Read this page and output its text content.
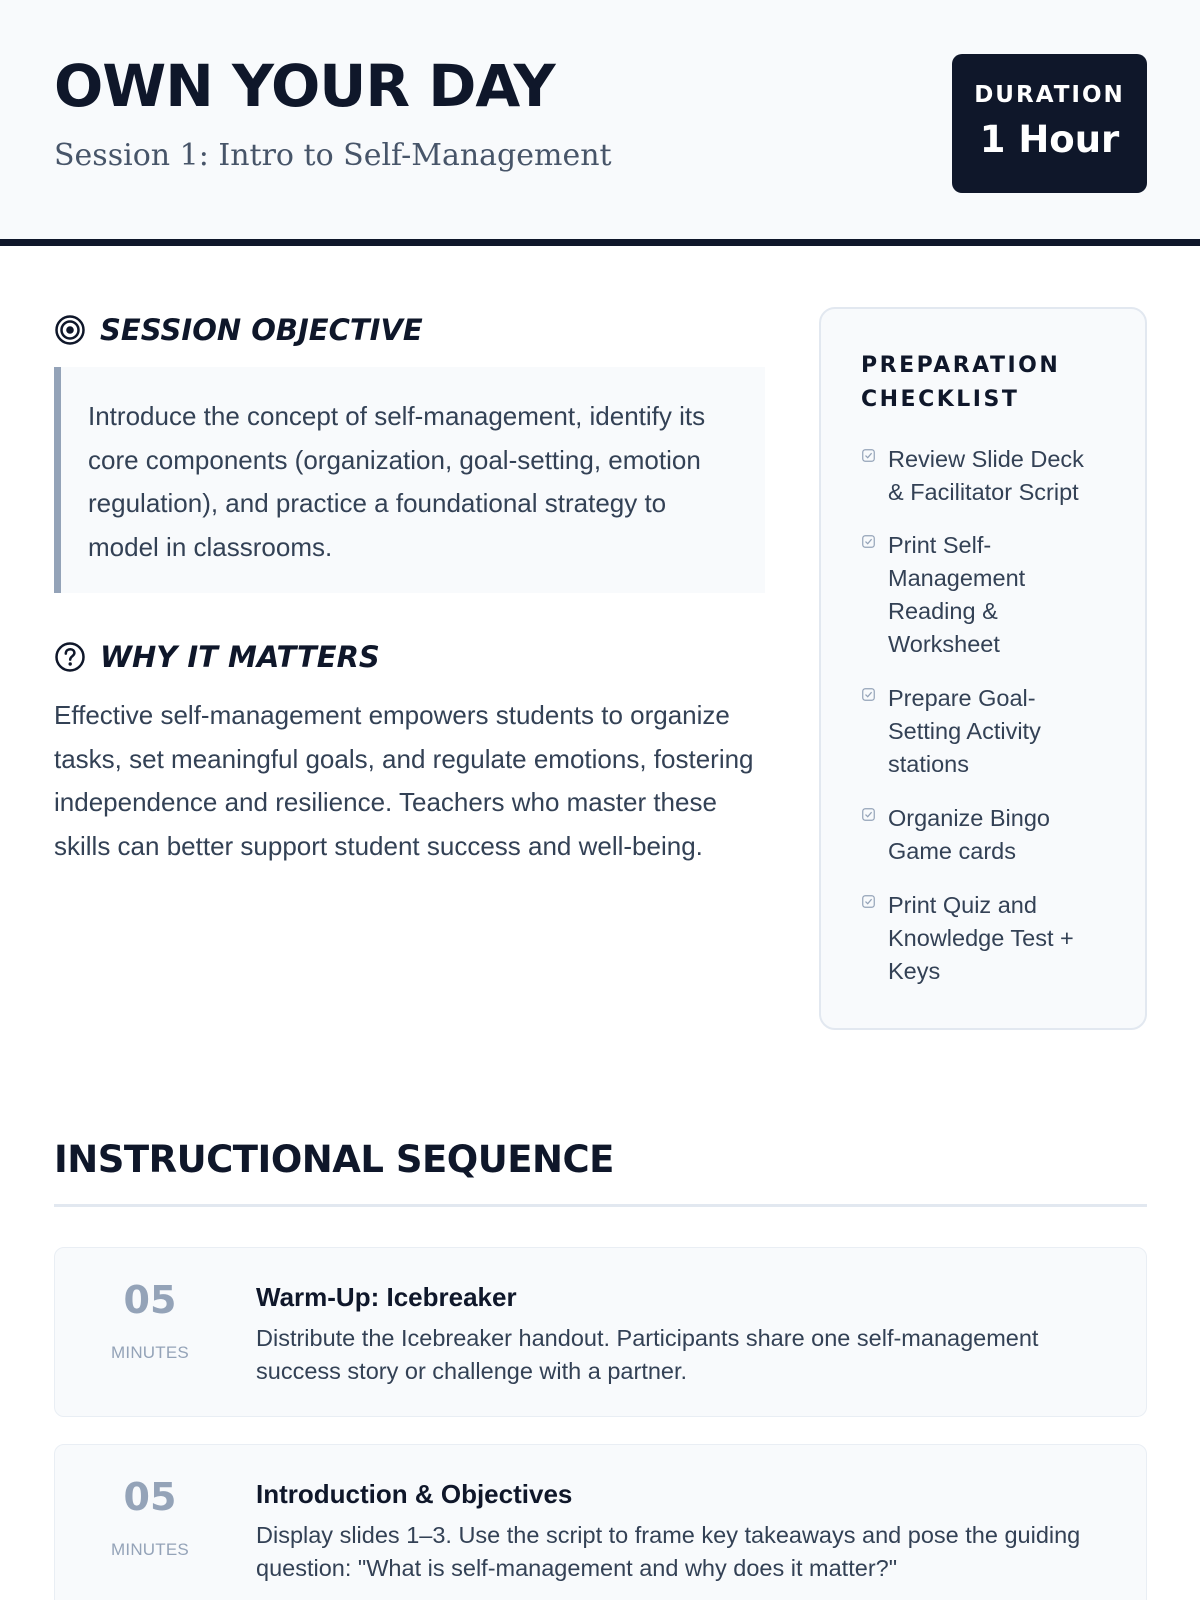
OWN YOUR DAY
Session 1: Intro to Self-Management
DURATION
1 Hour
SESSION OBJECTIVE
Introduce the concept of self-management, identify its core components (organization, goal-setting, emotion regulation), and practice a foundational strategy to model in classrooms.
WHY IT MATTERS
Effective self-management empowers students to organize tasks, set meaningful goals, and regulate emotions, fostering independence and resilience. Teachers who master these skills can better support student success and well-being.
PREPARATION CHECKLIST
Review Slide Deck & Facilitator Script
Print Self-Management Reading & Worksheet
Prepare Goal-Setting Activity stations
Organize Bingo Game cards
Print Quiz and Knowledge Test + Keys
INSTRUCTIONAL SEQUENCE
05
MINUTES
Warm-Up: Icebreaker
Distribute the Icebreaker handout. Participants share one self-management success story or challenge with a partner.
05
MINUTES
Introduction & Objectives
Display slides 1–3. Use the script to frame key takeaways and pose the guiding question: "What is self-management and why does it matter?"
